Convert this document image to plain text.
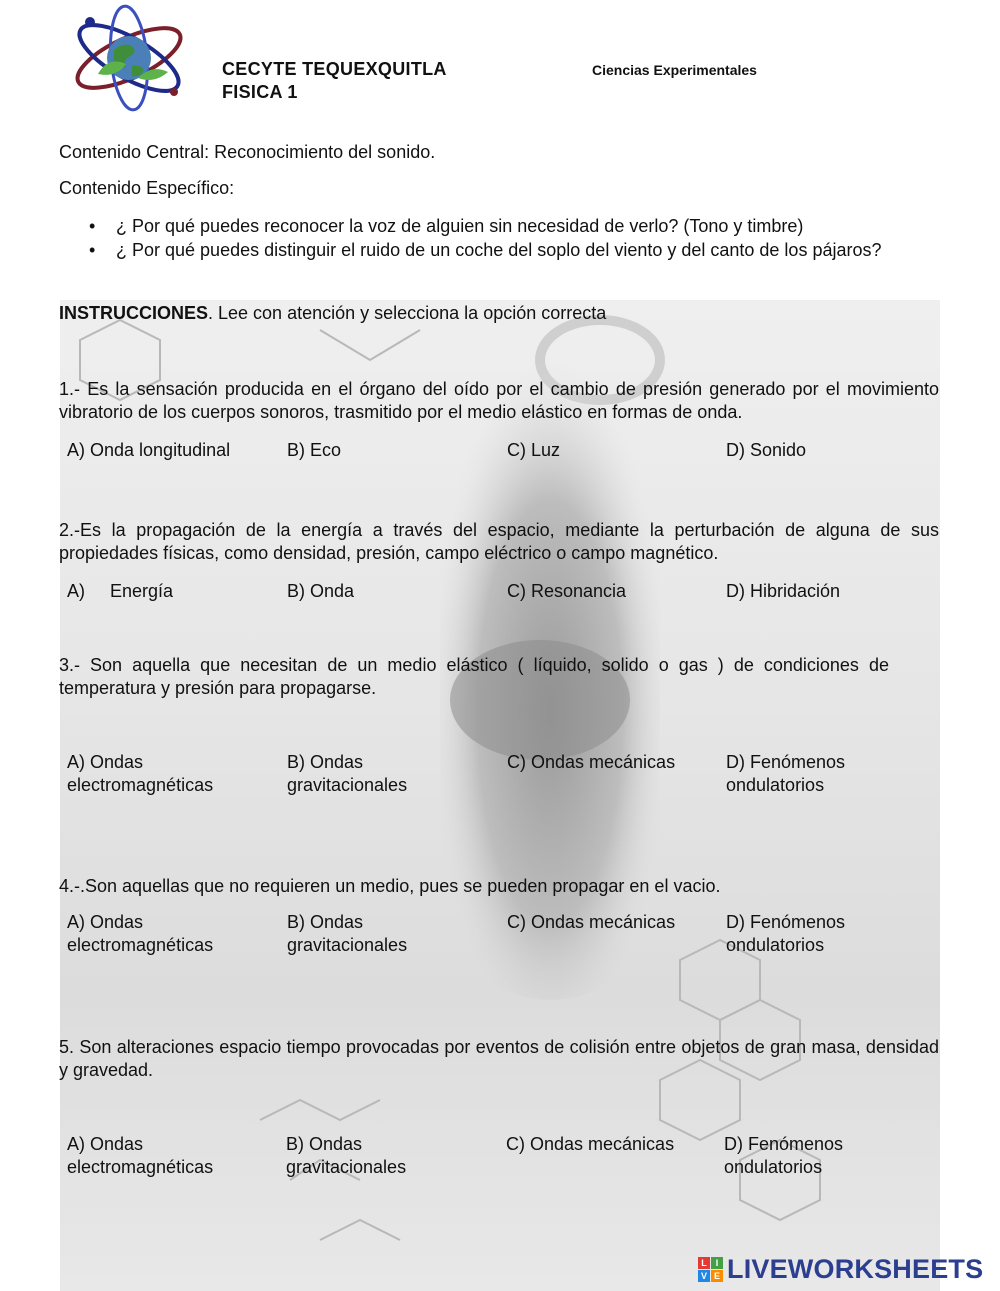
CECYTE TEQUEXQUITLA
FISICA 1
Ciencias Experimentales
Contenido Central: Reconocimiento del sonido.
Contenido Específico:
• ¿ Por qué puedes reconocer la voz de alguien sin necesidad de verlo? (Tono y timbre)
• ¿ Por qué puedes distinguir el ruido de un coche del soplo del viento y del canto de los pájaros?
INSTRUCCIONES. Lee con atención y selecciona la opción correcta
1.- Es la sensación producida en el órgano del oído por el cambio de presión generado por el movimiento vibratorio de los cuerpos sonoros, trasmitido por el medio elástico en formas de onda.
A) Onda longitudinal	B) Eco	C) Luz	D) Sonido
2.-Es la propagación de la energía a través del espacio, mediante la perturbación de alguna de sus propiedades físicas, como densidad, presión, campo eléctrico o campo magnético.
A)     Energía	B) Onda	C) Resonancia	D) Hibridación
3.- Son aquella que necesitan de un medio elástico ( líquido, solido o gas ) de condiciones de temperatura y presión para propagarse.
A) Ondas electromagnéticas
B) Ondas gravitacionales
C) Ondas mecánicas	D) Fenómenos ondulatorios
4.-.Son aquellas que no requieren un medio, pues se pueden propagar en el vacio.
A) Ondas electromagnéticas
B) Ondas gravitacionales
C) Ondas mecánicas	D) Fenómenos ondulatorios
5. Son alteraciones espacio tiempo provocadas por eventos de colisión entre objetos de gran masa, densidad y gravedad.
A) Ondas electromagnéticas
B) Ondas gravitacionales
C) Ondas mecánicas	D) Fenómenos ondulatorios
L I
V E LIVEWORKSHEETS
